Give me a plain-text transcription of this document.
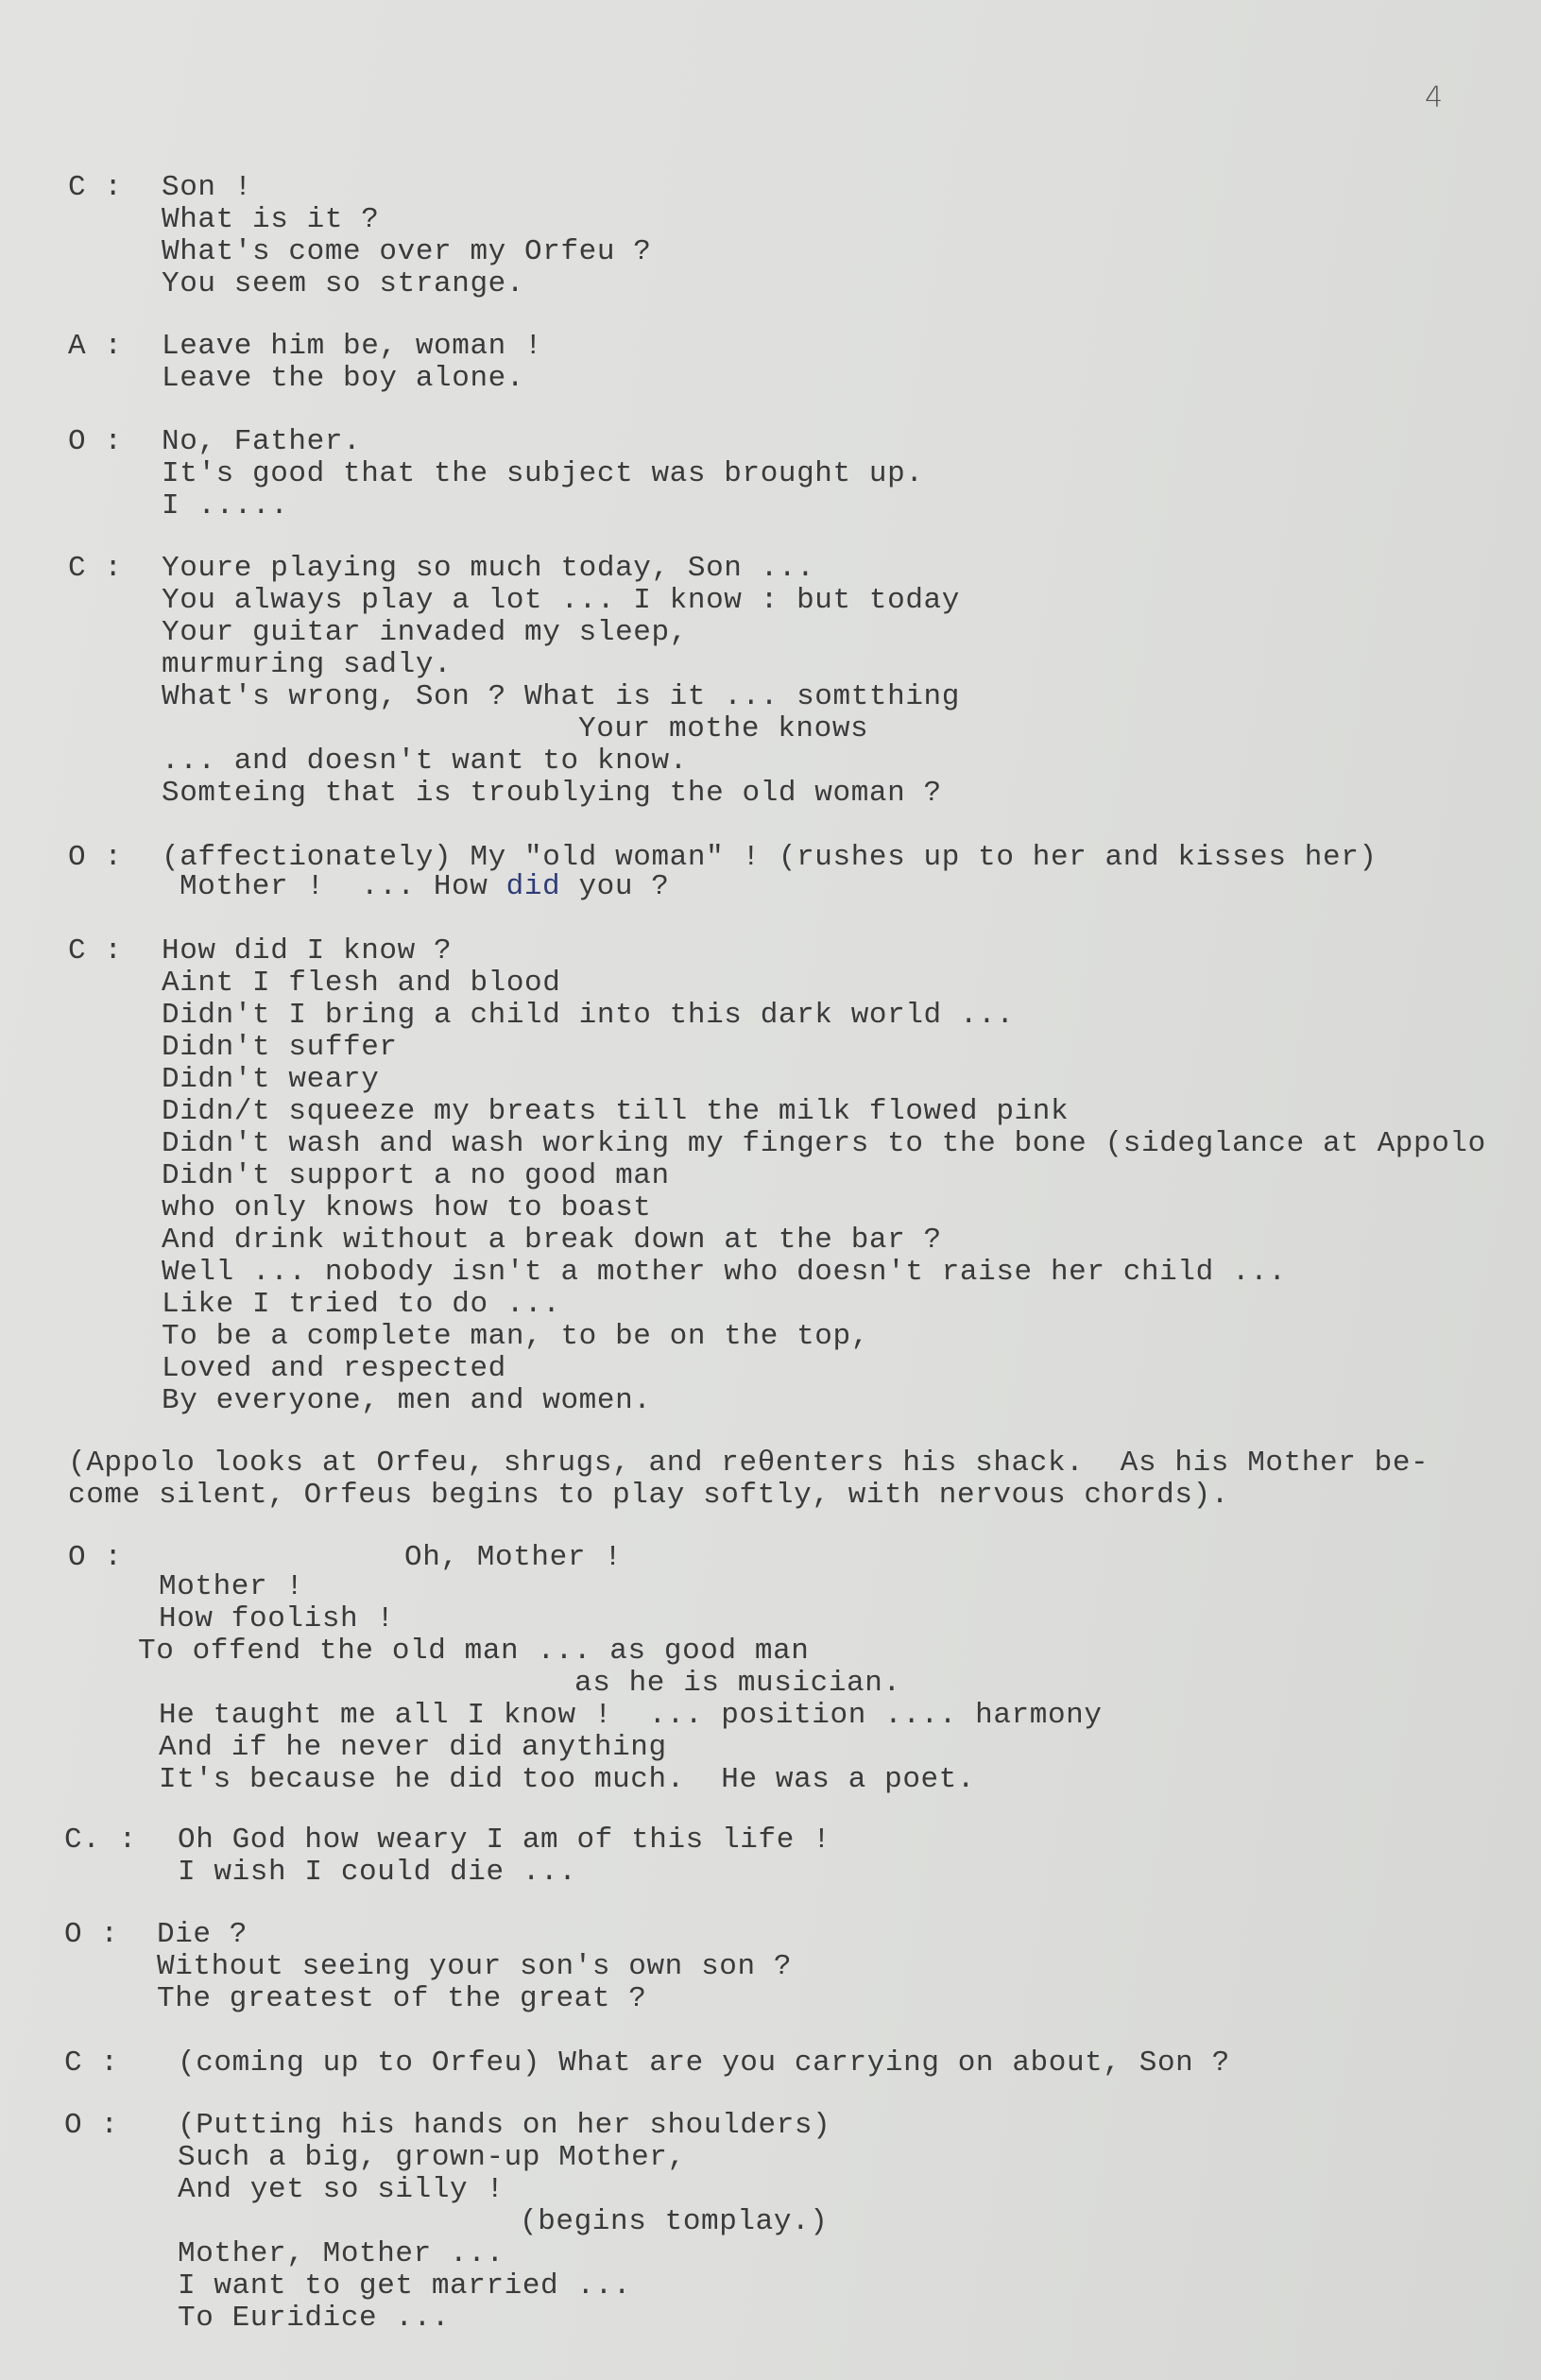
4
C : Son !
What is it ?
What's come over my Orfeu ?
You seem so strange.
A : Leave him be, woman !
Leave the boy alone.
O : No, Father.
It's good that the subject was brought up.
I .....
C : Youre playing so much today, Son ...
You always play a lot ... I know : but today
Your guitar invaded my sleep,
murmuring sadly.
What's wrong, Son ? What is it ... somtthing
Your mothe knows
... and doesn't want to know.
Somteing that is troublying the old woman ?
O : (affectionately) My "old woman" ! (rushes up to her and kisses her)
Mother !  ... How did you ?
C : How did I know ?
Aint I flesh and blood
Didn't I bring a child into this dark world ...
Didn't suffer
Didn't weary
Didn/t squeeze my breats till the milk flowed pink
Didn't wash and wash working my fingers to the bone (sideglance at Appolo
Didn't support a no good man
who only knows how to boast
And drink without a break down at the bar ?
Well ... nobody isn't a mother who doesn't raise her child ...
Like I tried to do ...
To be a complete man, to be on the top,
Loved and respected
By everyone, men and women.
(Appolo looks at Orfeu, shrugs, and reθenters his shack.  As his Mother be-
come silent, Orfeus begins to play softly, with nervous chords).
O :	Oh, Mother !
Mother !
How foolish !
To offend the old man ... as good man
as he is musician.
He taught me all I know !  ... position .... harmony
And if he never did anything
It's because he did too much.  He was a poet.
C. : Oh God how weary I am of this life !
I wish I could die ...
O : Die ?
Without seeing your son's own son ?
The greatest of the great ?
C : (coming up to Orfeu) What are you carrying on about, Son ?
O : (Putting his hands on her shoulders)
Such a big, grown-up Mother,
And yet so silly !
(begins tomplay.)
Mother, Mother ...
I want to get married ...
To Euridice ...
